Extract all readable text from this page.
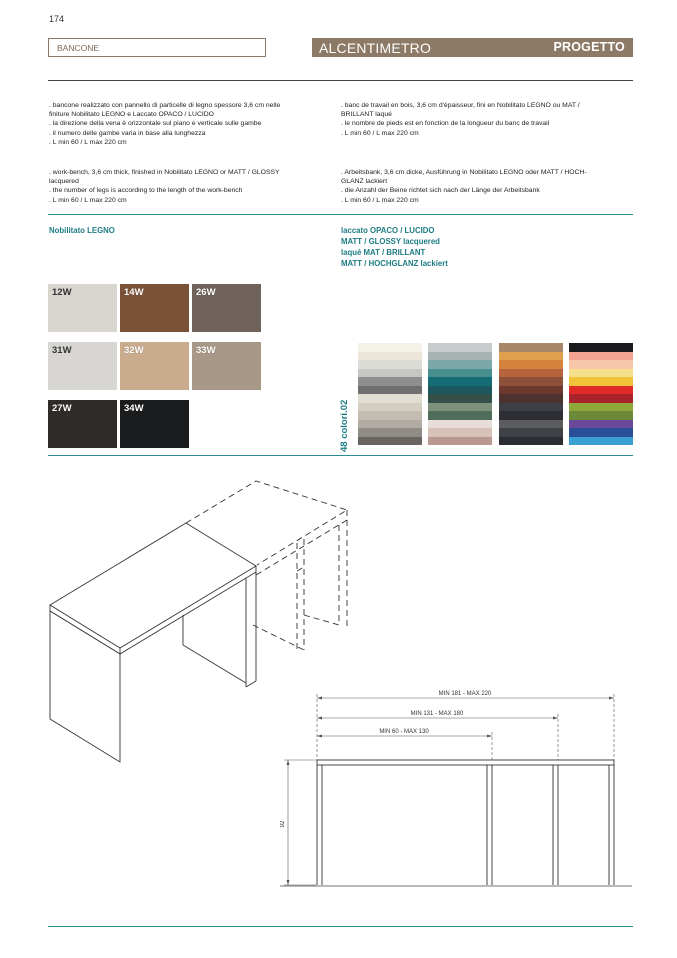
174
BANCONE	ALCENTIMETRO	PROGETTO
. bancone realizzato con pannello di particelle di legno spessore 3,6 cm nelle
finiture Nobilitato LEGNO e Laccato OPACO / LUCIDO
. la direzione della vena è orizzontale sul piano e verticale sulle gambe
. il numero delle gambe varia in base alla lunghezza
. L min 60 / L max 220 cm
. banc de travail en bois, 3,6 cm d'épaisseur, fini en Nobilitato LEGNO ou MAT /
BRILLANT laqué
. le nombre de pieds est en fonction de la longueur du banc de travail
. L min 60 / L max 220 cm
. work-bench, 3,6 cm thick, finished in Nobilitato LEGNO or MATT / GLOSSY
lacquered
. the number of legs is according to the length of the work-bench
. L min 60 / L max 220 cm
. Arbeitsbank, 3,6 cm dicke, Ausführung in Nobilitato LEGNO oder MATT / HOCH-
GLANZ lackiert
. die Anzahl der Beine richtet sich nach der Länge der Arbeitsbank
. L min 60 / L max 220 cm
Nobilitato LEGNO	laccato OPACO / LUCIDO
MATT / GLOSSY lacquered
laqué MAT / BRILLANT
MATT / HOCHGLANZ lackiert
12W	14W	26W
31W	32W	33W
27W	34W	48 colori.02
MIN 181 - MAX 220
MIN 131 - MAX 180
MIN 60 - MAX 130
92
